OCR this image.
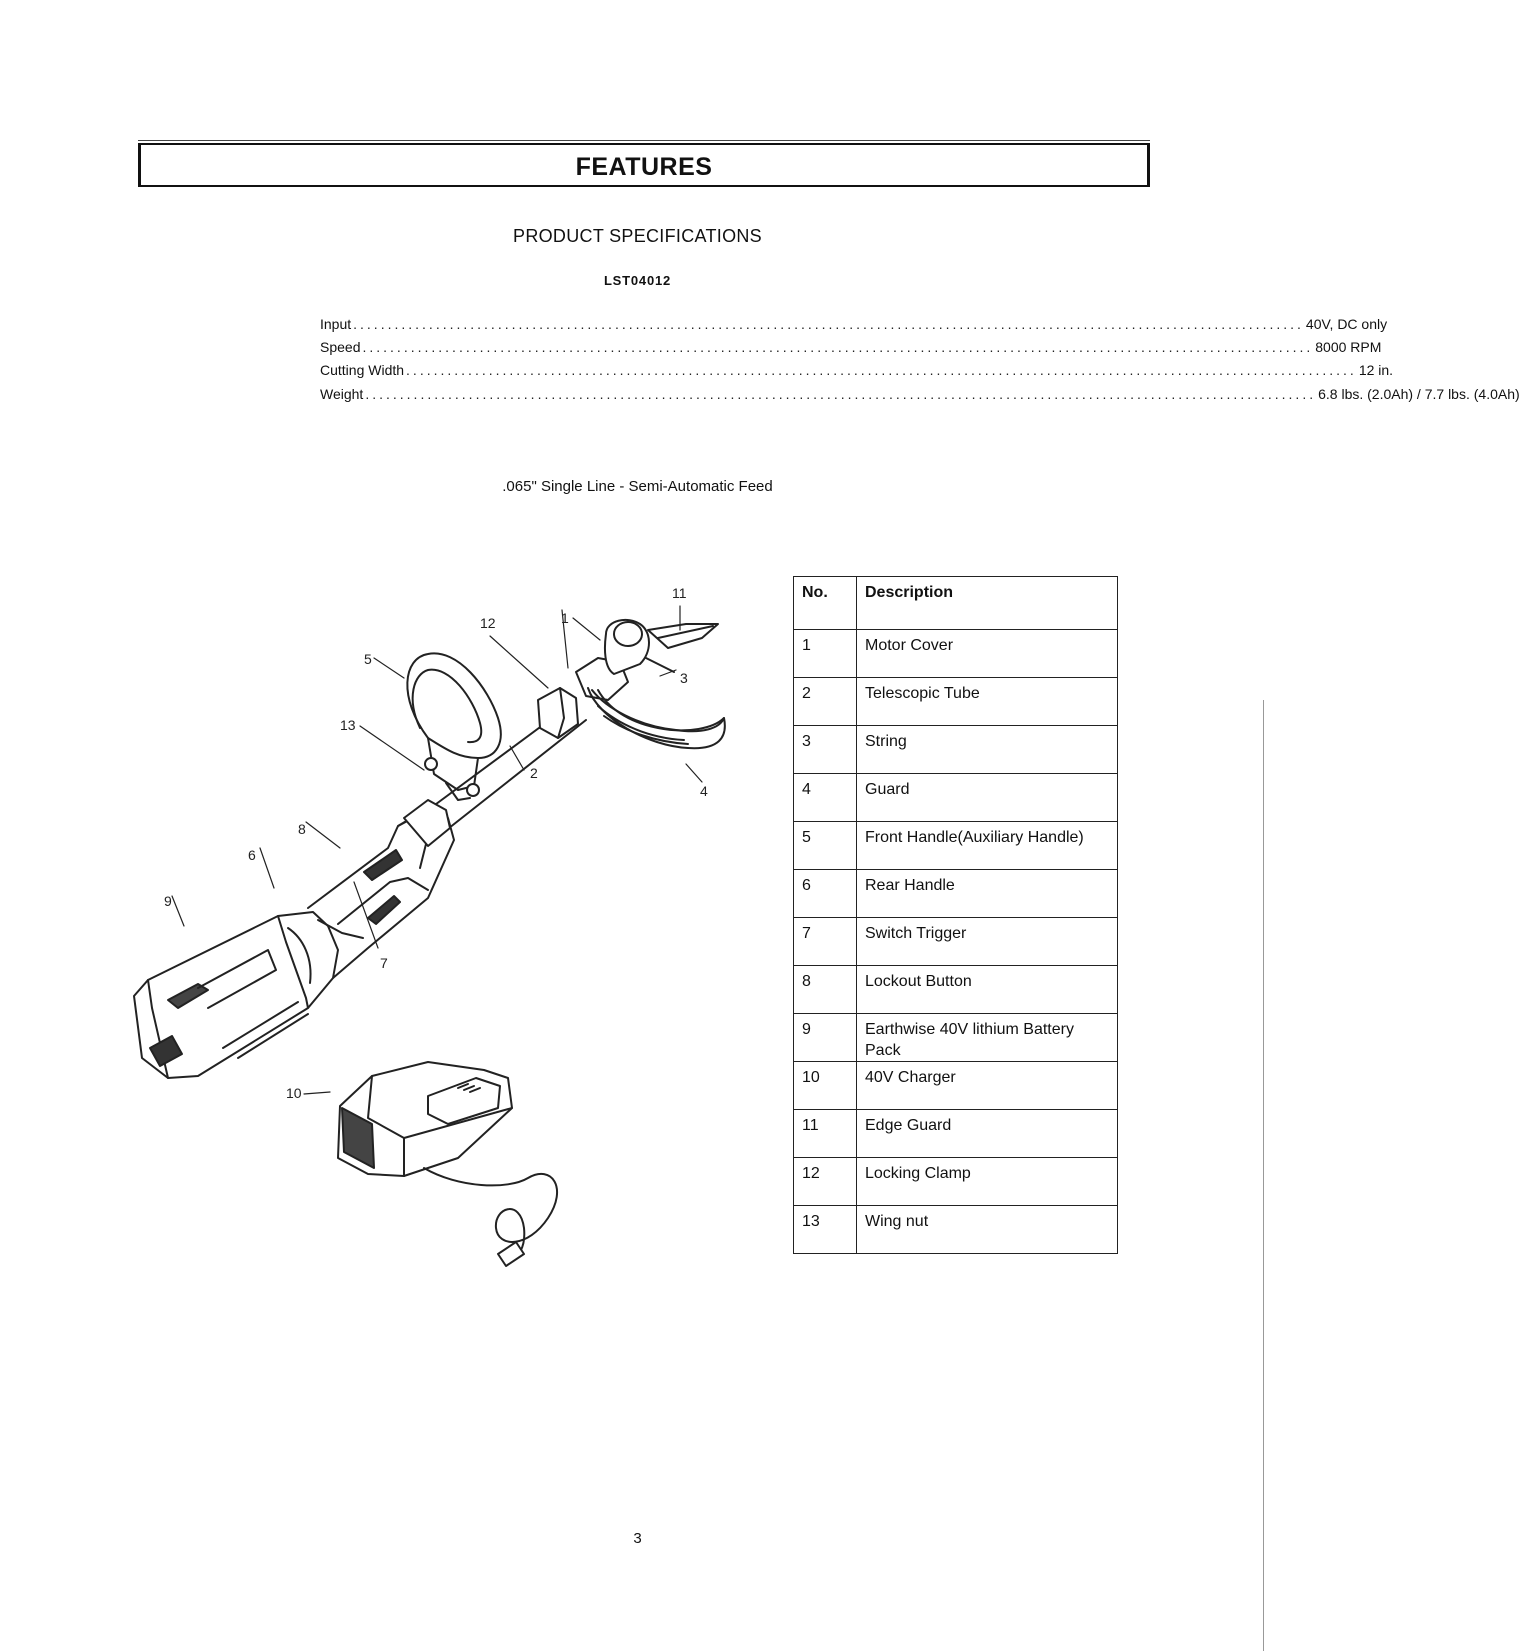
FEATURES
PRODUCT SPECIFICATIONS
LST04012
Input .......................................................................................................................................... 40V, DC only
Speed .......................................................................................................................................... 8000 RPM
Cutting Width .......................................................................................................................................... 12 in.
Weight .......................................................................................................................................... 6.8 lbs. (2.0Ah) / 7.7 lbs. (4.0Ah)
.065" Single Line - Semi-Automatic Feed
1
2
3
4
5
6
7
8
9
10
11
12
13
No.	Description
1	Motor Cover
2	Telescopic Tube
3	String
4	Guard
5	Front Handle(Auxiliary Handle)
6	Rear Handle
7	Switch Trigger
8	Lockout Button
9	Earthwise 40V lithium Battery Pack
10	40V Charger
11	Edge Guard
12	Locking Clamp
13	Wing nut
3
